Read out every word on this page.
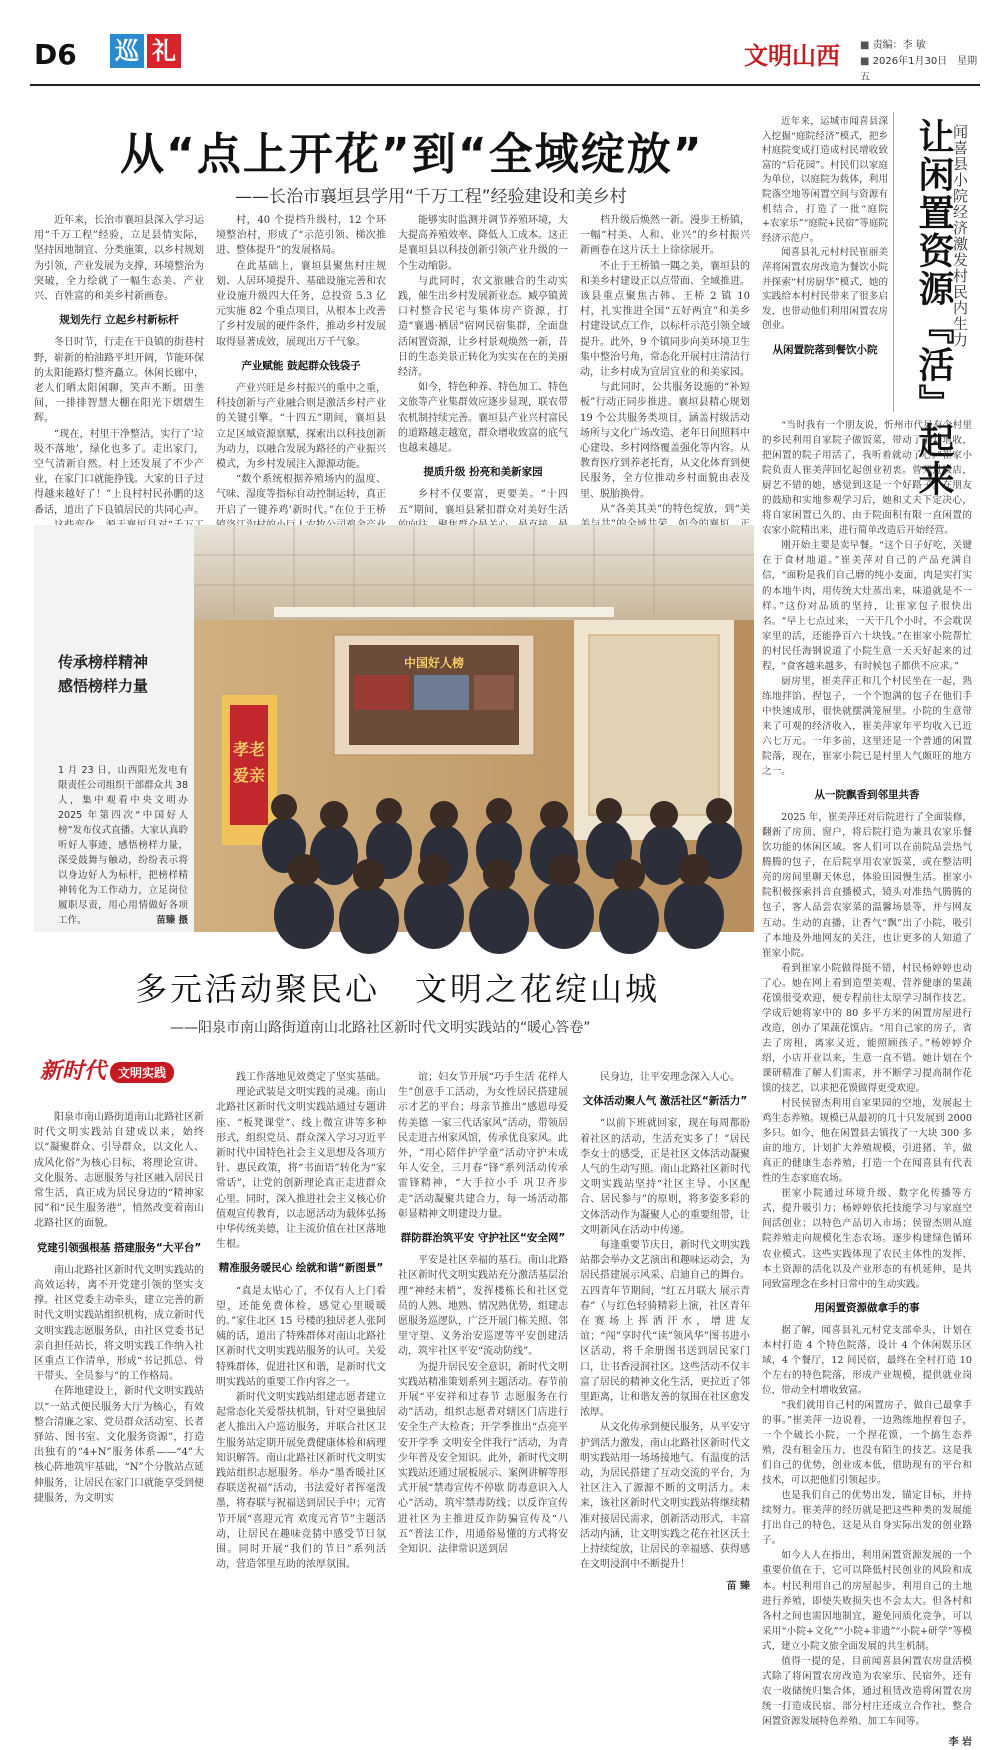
D6 巡 礼	文明山西
■	责编：李 敏
■ 2026年1月30日　星期五
从“点上开花”到“全域绽放”
——长治市襄垣县学用“千万工程”经验建设和美乡村

近年来，长治市襄垣县深入学习运用“千万工程”经验，立足县情实际，坚持因地制宜、分类施策，以乡村规划为引领，产业发展为支撑，环境整治为突破，全力绘就了一幅生态美、产业兴、百姓富的和美乡村新画卷。

规划先行 立起乡村新标杆

冬日时节，行走在干良镇的街巷村野，崭新的柏油路平坦开阔，节能环保的太阳能路灯整齐矗立。休闲长廊中，老人们晒太阳闲聊，笑声不断。田垄间，一排排智慧大棚在阳光下熠熠生辉。

“现在，村里干净整洁，实行了‘垃圾不落地’，绿化也多了。走出家门，空气清新自然。村上还发展了不少产业，在家门口就能挣钱。大家的日子过得越来越好了！”上良村村民孙鹏的这番话，道出了下良镇居民的共同心声。

村，40 个提档升级村，12 个环境整治村，形成了“示范引领、梯次推进、整体提升”的发展格局。

在此基础上，襄垣县聚焦村庄规划、人居环境提升、基础设施完善和农业设施升级四大任务，总投资 5.3 亿元实施 82 个重点项目，从根本上改善了乡村发展的硬件条件，推动乡村发展取得显著成效，展现出万千气象。

产业赋能 鼓起群众钱袋子

产业兴旺是乡村振兴的重中之重，科技创新与产业融合则是激活乡村产业的关键引擎。“十四五”期间，襄垣县立足区域资源禀赋，探索出以科技创新为动力，以融合发展为路径的产业振兴模式，为乡村发展注入源源动能。

“数个系统根据养殖场内的温度、气味、湿度等指标自动控制运转，真正开启了一键养鸡’新时代。”在位于王桥

能够实时监测并调节养殖环境，大大提高养殖效率、降低人工成本。这正是襄垣县以科技创新引领产业升级的一个生动缩影。

与此同时，农文旅融合的生动实践，催生出乡村发展新业态。臧亭镇黄口村整合民宅与集体房产资源，打造“襄遇·栖居”宿网民宿集群，全面盘活闲置资源，让乡村景观焕然一新，昔日的生态美景正转化为实实在在的美丽经济。

如今，特色种养、特色加工、特色文旅等产业集群效应逐步显现，联农带农机制持续完善。襄垣县产业兴村富民的道路越走越宽，群众增收致富的底气也越来越足。

提质升级 扮亮和美新家园

乡村不仅要富，更要美。“十四五”期间，襄垣县紧扣群众对美好生活

档升级后焕然一新。漫步王桥镇，一幅“村美、人和、业兴”的乡村振兴新画卷在这片沃土上徐徐展开。

不止于王桥镇一隅之美，襄垣县的和美乡村建设正以点带面、全域推进。该县重点聚焦古韩、王桥 2 镇 10 村，扎实推进全国“五好两宜”和美乡村建设试点工作，以标杆示范引领全域提升。此外，9 个镇同步向美环境卫生集中整治号角，常态化开展村庄清洁行动，让乡村成为宜居宜业的和美家园。

与此同时，公共服务设施的“补短板”行动正同步推进。襄垣县精心规划 19 个公共服务类项目，涵盖村级活动场所与文化广场改造、老年日间照料中心建设、乡村网络覆盖强化等内容。从教育医疗到养老托育，从文化体育到便民服务，全方位推动乡村面貌由表及里、脱胎换骨。

从“各美其美”的特色绽放，到“美

让闲置资源『活』起来
闻喜县小院经济激发村民内生力

近年来，运城市闻喜县深入挖掘“庭院经济”模式，把乡村庭院变成打造成村民增收致富的“后花园”。村民们以家庭为单位，以庭院为载体，利用院落空地等闲置空间与资源有机结合，打造了一批“庭院+农家乐”“庭院+民宿”等庭院经济示范户。

闻喜县礼元村村民崔丽美萍将闲置农房改造为餐饮小院并探索“村房厨华”模式，她的实践给本村村民带来了很多启发，也带动他们利用闲置农房创业。

从闲置院落到餐饮小院

“当时我有一个朋友说，忻州市代县有个村里的乡民利用自家院子做饭菜，带动了群众增收，把闲置的院子用活了，我听着就动了心。”崔家小院负责人崔美萍回忆起创业初衷。曾开过饭店，厨艺不错的她，感觉到这是一个好路子。在朋友的鼓励和实地参观学习后，她和丈夫下定决心，将自家闲置已久的、由于院面积有限一直闲置的农家小院精出来，进行简单改造后开始经营。

刚开始主要是卖早餐。“这个日子好吃，关键在于食材地道。”崔美萍对自己的产品充满自信，“面粉是我们自己磨的纯小麦面，肉是实打实的本地牛肉，用传统大灶蒸出来，味道就是不一样。”这份对品质的坚持，让崔家包子很快出名。“早上七点过来，一天干几个小时，不会耽误家里的活，还能挣百六十块钱。”在崔家小院帮忙的村民任海钢说道了小院生意一天天好起来的过程，“食客越来越多，有时候包子都供不应求。”

厨房里，崔美萍正和几个村民坐在一起，熟练地拌馅、捏包子，一个个饱满的包子在他们手中快速成形，很快就摆满笼屉里。小院的生意带来了可观的经济收入，崔美萍家年平均收入已近六七万元。一年多前，这里还是一个普通的闲置院落，现在，崔家小院已是村里人气颇旺的地方之一。

从一院飘香到邻里共香

2025 年，崔美萍还对后院进行了全面装修，翻新了房顶、窗户，将后院打造为兼具农家乐餐饮功能的休闲区域。客人们可以在前院品尝热气腾腾的包子，在后院享用农家饭菜，或在整洁明亮的房间里聊天休息，体验田园慢生活。崔家小院积极探索抖音直播模式，镜头对准热气腾腾的包子，客人品尝农家菜的温馨场景等，并与网友互动。生动的直播，让香气“飘”出了小院，吸引了本地及外地网友的关注，也让更多的人知道了崔家小院。

看到崔家小院做得挺不错，村民杨婷婷也动了心。她在网上看到造型美观、营养健康的果蔬花馍很受欢迎，便专程前往太原学习制作技艺。学成后她将家中的 80 多平方米的闲置房屋进行改造，创办了果蔬花馍店。“用自己家的房子，省去了房租，离家又近，能照顾孩子。”杨婷婷介绍，小店开业以来，生意一直不错。她计划在个课研精准了解人们需求，并不断学习提高制作花馍的技艺，以求把花馍做得更受欢迎。

村民侯留杰利用自家果园的空地，发展起土鸡生态养殖。规模已从最初的几十只发展到 2000 多只。如今，他在闲置县去镇找了一大块 300 多亩的地方，计划扩大养殖规模，引进猪、羊，做真正的健康生态养殖，打造一个在闻喜县有代表性的生态家庭农场。

崔家小院通过环境升级、数字化传播等方式，提升吸引力；杨婷婷依托技能学习与家庭空间活创业；以特色产品切入市场；侯留杰则从庭院养殖走向规模化生态农场。逐步构建绿色循环农业模式。这些实践体现了农民主体性的发挥、本土资源的活化以及产业形态的有机延伸，是共同致富理念在乡村日常中的生动实践。

用闲置资源做拿手的事

据了解，闻喜县礼元村党支部牵头，计划在本村打造 4 个特色院落，设计 4 个休闲娱乐区域，4 个餐厅，12 间民宿，最终在全村打造 10 个左右的特色院落，形成产业规模，提供就业岗位，带动全村增收致富。

“我们就用自己村的闲置房子，做自己最拿手的事。”崔美萍一边说着，一边熟练地捏着包子，一个个破长小院，一个捏花馍，一个搞生态养殖，没有租金压力，也没有陌生的技艺。这是我们自己的优势，创业成本低，借助现有的平台和技术，可以把他们引领起步。

也是我们自己的优势出发，锚定目标，并持续努力。崔美萍的经历就是把这些种类的发展能打出自己的特色，这是从自身实际出发的创业路子。

如今人人在指出，利用闲置资源发展的一个重要价值在于，它可以降低村民创业的风险和成本。村民利用自己的房屋起步，利用自己的土地进行养殖，即使失败损失也不会太大。但各村和各村之间也需因地制宜，避免同质化竞争，可以采用“小院+文化”“小院+非遗”“小院+研学”等模式，建立小院文旅全面发展的共生机制。

值得一提的是，目前闻喜县闲置农房盘活模式除了将闲置农房改造为农家乐、民宿外，还有农一收储统归集合体，通过租赁改造将闲置农房统一打造成民宿、部分村庄还成立合作社，整合闲置资源发展特色养殖、加工车间等。

李 岩
孝老
爱亲
中国好人榜
传承榜样精神
感悟榜样力量
1 月 23 日，山西阳光发电有限责任公司组织干部群众共 38 人，集中观看中央文明办 2025 年第四次“中国好人榜”发布仪式直播。大家认真聆听好人事迹，感悟榜样力量，深受鼓舞与触动，纷纷表示将以身边好人为标杆，把榜样精神转化为工作动力，立足岗位履职尽责，用心用情做好各项工作。	苗臻 摄
多元活动聚民心　文明之花绽山城
——阳泉市南山路街道南山北路社区新时代文明实践站的“暖心答卷”
新时代 文明实践

阳泉市南山路街道南山北路社区新时代文明实践站自建成以来，始终以“凝聚群众、引导群众，以文化人、成风化俗”为核心目标，将理论宣讲、文化服务、志愿服务与社区融入居民日常生活，真正成为居民身边的“精神家园”和“民生服务港”，悄然改变着南山北路社区的面貌。

党建引领强根基 搭建服务“大平台”

南山北路社区新时代文明实践站的高效运转，离不开党建引领的坚实支撑。社区党委主动牵头，建立完善的新时代文明实践站组织机构，成立新时代文明实践志愿服务队，由社区党委书记亲自担任站长，将文明实践工作纳入社区重点工作清单，形成“书记抓总、骨干带头、全员参与”的工作格局。

在阵地建设上，新时代文明实践站以“一站式便民服务大厅为核心，有效整合清廉之家、党员群众活动室、长者驿站、图书室、文化服务资源”，打造出独有的“4+N”服务体系——“4”大核心阵地筑牢基础，“N”个分散站点延伸服务，让居民在家门口就能享受到便捷服务，为文明实

践工作落地见效奠定了坚实基础。

理论武装是文明实践的灵魂。南山北路社区新时代文明实践站通过专题讲座、“板凳课堂”、线上微宣讲等多种形式，组织党员、群众深入学习习近平新时代中国特色社会主义思想及各项方针、惠民政策，将“书面语”转化为“家常话”，让党的创新理论真正走进群众心里。同时，深入推进社会主义核心价值观宣传教育，以志愿活动为载体弘扬中华传统美德，让主流价值在社区落地生根。

精准服务暖民心 绘就和谐“新图景”

“真是太贴心了，不仅有人上门看望，还能免费体检，感觉心里暖暖的。”家住北区 15 号楼的独居老人张阿姨的话，道出了特殊群体对南山北路社区新时代文明实践站服务的认可。关爱特殊群体，促进社区和谐，是新时代文明实践站的重要工作内容之一。

新时代文明实践站组建志愿者建立起常态化关爱帮扶机制，针对空巢独居老人推出入户巡访服务，并联合社区卫生服务站定期开展免费健康体检和病理知识解答。南山北路社区新时代文明实践站组织志愿服务。举办“墨香暖社区 春联送祝福”活动，书法爱好者挥毫泼墨，将春联与祝福送到居民手中；元宵节开展“喜迎元宵 欢度元宵节”主题活动，让居民在趣味竞猜中感受节日氛围。同时开展“我们的节日”系列活动，营造邻里互助的浓厚氛围。

谊；妇女节开展“巧手生活 花样人生”创意手工活动，为女性居民搭建展示才艺的平台；母亲节推出“感恩母爱传美德 一家三代话家风”活动，带领居民走进古州家风馆，传承优良家风。此外，“用心陪伴护学童”活动守护未成年人安全，三月春“锋”系列活动传承雷锋精神，“大手拉小手 巩卫齐步走”活动凝聚共建合力，每一场活动都彰显精神文明建设力量。

群防群治筑平安 守护社区“安全网”

平安是社区幸福的基石。南山北路社区新时代文明实践站充分激活基层治理“神经末梢”，发挥楼栋长和社区党员的人熟、地熟、情况熟优势，组建志愿服务巡逻队，广泛开展门栋关照、邻里守望、义务治安巡逻等平安创建活动，筑牢社区平安“流动防线”。

为提升居民安全意识，新时代文明实践站精准策划系列主题活动。春节前开展“平安祥和过春节 志愿服务在行动”活动，组织志愿者对辖区门店进行安全生产大检查；开学季推出“点亮平安开学季 文明安全伴我行”活动，为青少年普及安全知识。此外，新时代文明实践站还通过展板展示、案例讲解等形式开展“禁毒宣传不停歇 防毒意识入人心”活动，筑牢禁毒防线；以反诈宣传进社区为主推进反诈防骗宣传及“八五”普法工作，用通俗易懂的方式将安全知识、法律常识送到居

民身边，让平安理念深入人心。

文体活动聚人气 激活社区“新活力”

“以前下班就回家，现在每周都盼着社区的活动，生活充实多了！”居民李女士的感受，正是社区文体活动凝聚人气的生动写照。南山北路社区新时代文明实践站坚持“社区主导、小区配合、居民参与”的原则，将多姿多彩的文体活动作为凝聚人心的重要纽带，让文明新风在活动中传递。

每逢重要节庆日，新时代文明实践站都会举办文艺演出和趣味运动会，为居民搭建展示风采、启迪自己的舞台。五四青年节期间，“红五月联大 展示青春”（与红色轻骑精彩上演，社区青年在赛场上挥洒汗水，增进友谊；“闯”享时代“读”领风华”图书进小区活动，将千余册图书送到居民家门口，让书香浸润社区。这些活动不仅丰富了居民的精神文化生活，更拉近了邻里距离，让和谐友善的氛围在社区愈发浓厚。

从文化传承到便民服务，从平安守护到活力激发，南山北路社区新时代文明实践站用一场场接地气、有温度的活动，为居民搭建了互动交流的平台，为社区注入了源源不断的文明活力。未来，该社区新时代文明实践站将继续精准对接居民需求，创新活动形式，丰富活动内涵，让文明实践之花在社区沃土上持续绽放，让居民的幸福感、获得感在文明浸润中不断提升！

苗 臻
